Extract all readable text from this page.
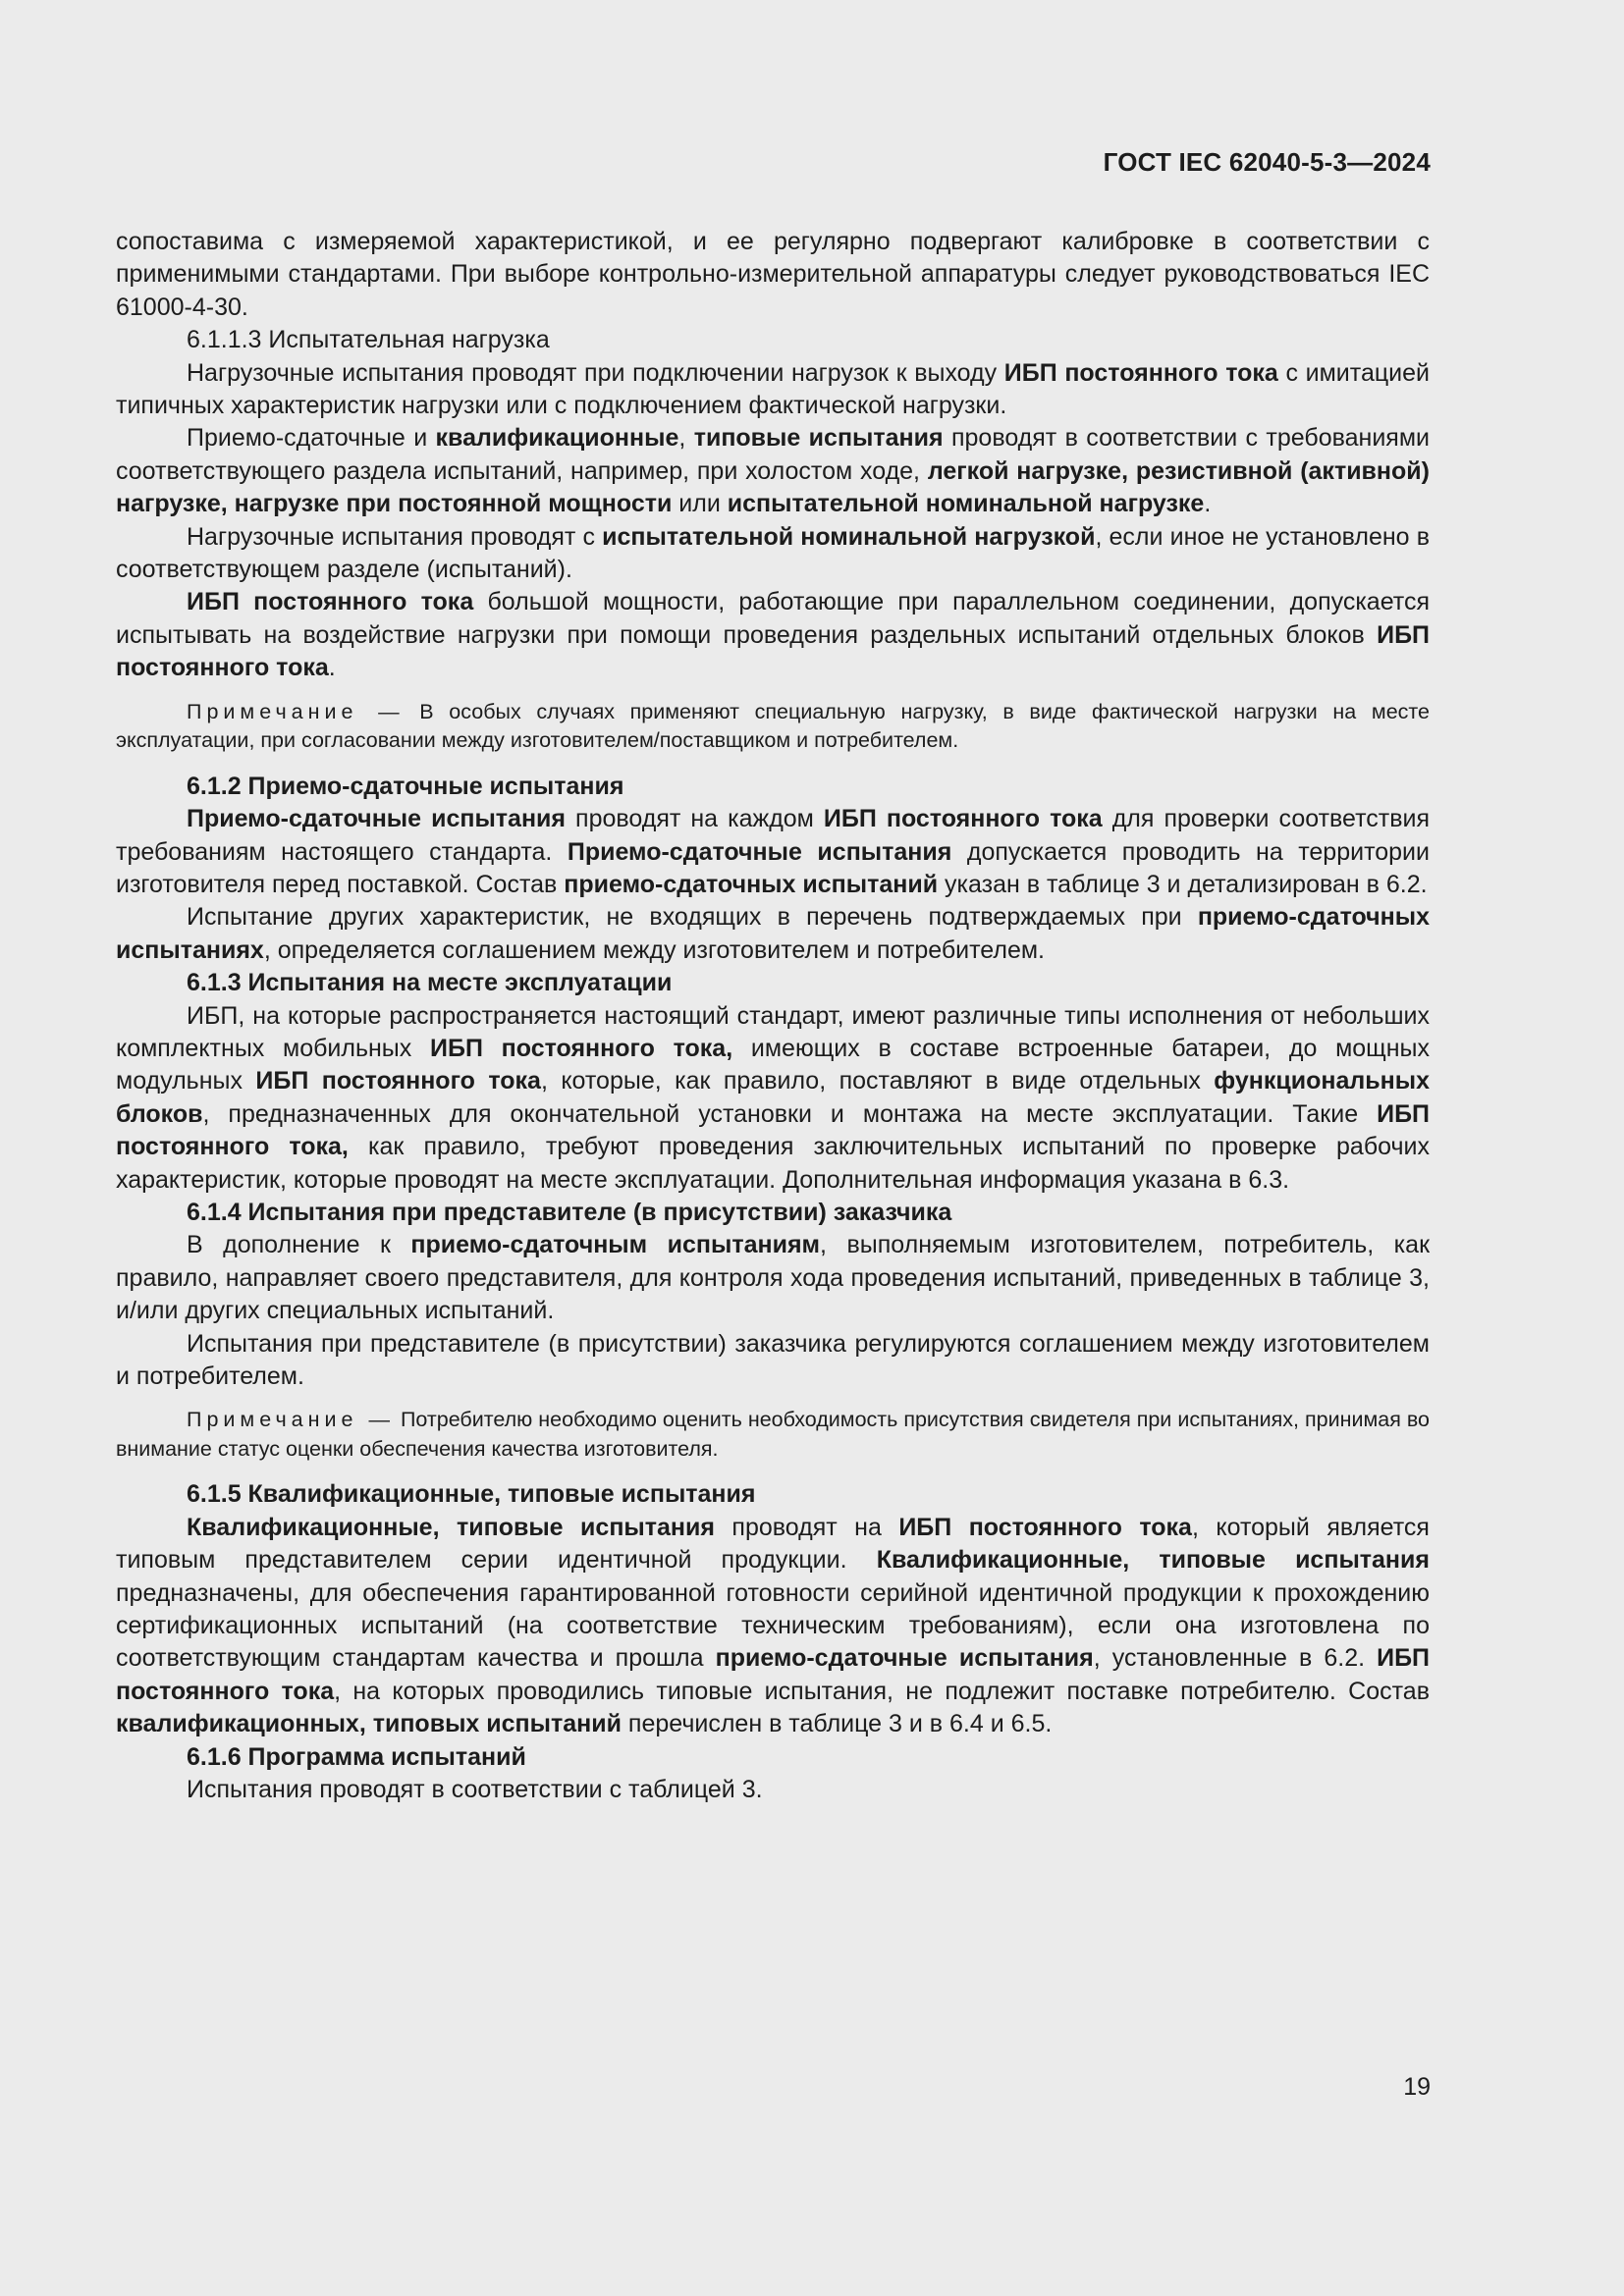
ГОСТ IEC 62040-5-3—2024

сопоставима с измеряемой характеристикой, и ее регулярно подвергают калибровке в соответствии с применимыми стандартами. При выборе контрольно-измерительной аппаратуры следует руководствоваться IEC 61000-4-30.

6.1.1.3 Испытательная нагрузка

Нагрузочные испытания проводят при подключении нагрузок к выходу ИБП постоянного тока с имитацией типичных характеристик нагрузки или с подключением фактической нагрузки.

Приемо-сдаточные и квалификационные, типовые испытания проводят в соответствии с требованиями соответствующего раздела испытаний, например, при холостом ходе, легкой нагрузке, резистивной (активной) нагрузке, нагрузке при постоянной мощности или испытательной номинальной нагрузке.

Нагрузочные испытания проводят с испытательной номинальной нагрузкой, если иное не установлено в соответствующем разделе (испытаний).

ИБП постоянного тока большой мощности, работающие при параллельном соединении, допускается испытывать на воздействие нагрузки при помощи проведения раздельных испытаний отдельных блоков ИБП постоянного тока.

Примечание — В особых случаях применяют специальную нагрузку, в виде фактической нагрузки на месте эксплуатации, при согласовании между изготовителем/поставщиком и потребителем.

6.1.2 Приемо-сдаточные испытания

Приемо-сдаточные испытания проводят на каждом ИБП постоянного тока для проверки соответствия требованиям настоящего стандарта. Приемо-сдаточные испытания допускается проводить на территории изготовителя перед поставкой. Состав приемо-сдаточных испытаний указан в таблице 3 и детализирован в 6.2.

Испытание других характеристик, не входящих в перечень подтверждаемых при приемо-сдаточных испытаниях, определяется соглашением между изготовителем и потребителем.

6.1.3 Испытания на месте эксплуатации

ИБП, на которые распространяется настоящий стандарт, имеют различные типы исполнения от небольших комплектных мобильных ИБП постоянного тока, имеющих в составе встроенные батареи, до мощных модульных ИБП постоянного тока, которые, как правило, поставляют в виде отдельных функциональных блоков, предназначенных для окончательной установки и монтажа на месте эксплуатации. Такие ИБП постоянного тока, как правило, требуют проведения заключительных испытаний по проверке рабочих характеристик, которые проводят на месте эксплуатации. Дополнительная информация указана в 6.3.

6.1.4 Испытания при представителе (в присутствии) заказчика

В дополнение к приемо-сдаточным испытаниям, выполняемым изготовителем, потребитель, как правило, направляет своего представителя, для контроля хода проведения испытаний, приведенных в таблице 3, и/или других специальных испытаний.

Испытания при представителе (в присутствии) заказчика регулируются соглашением между изготовителем и потребителем.

Примечание — Потребителю необходимо оценить необходимость присутствия свидетеля при испытаниях, принимая во внимание статус оценки обеспечения качества изготовителя.

6.1.5 Квалификационные, типовые испытания

Квалификационные, типовые испытания проводят на ИБП постоянного тока, который является типовым представителем серии идентичной продукции. Квалификационные, типовые испытания предназначены, для обеспечения гарантированной готовности серийной идентичной продукции к прохождению сертификационных испытаний (на соответствие техническим требованиям), если она изготовлена по соответствующим стандартам качества и прошла приемо-сдаточные испытания, установленные в 6.2. ИБП постоянного тока, на которых проводились типовые испытания, не подлежит поставке потребителю. Состав квалификационных, типовых испытаний перечислен в таблице 3 и в 6.4 и 6.5.

6.1.6 Программа испытаний

Испытания проводят в соответствии с таблицей 3.

19
